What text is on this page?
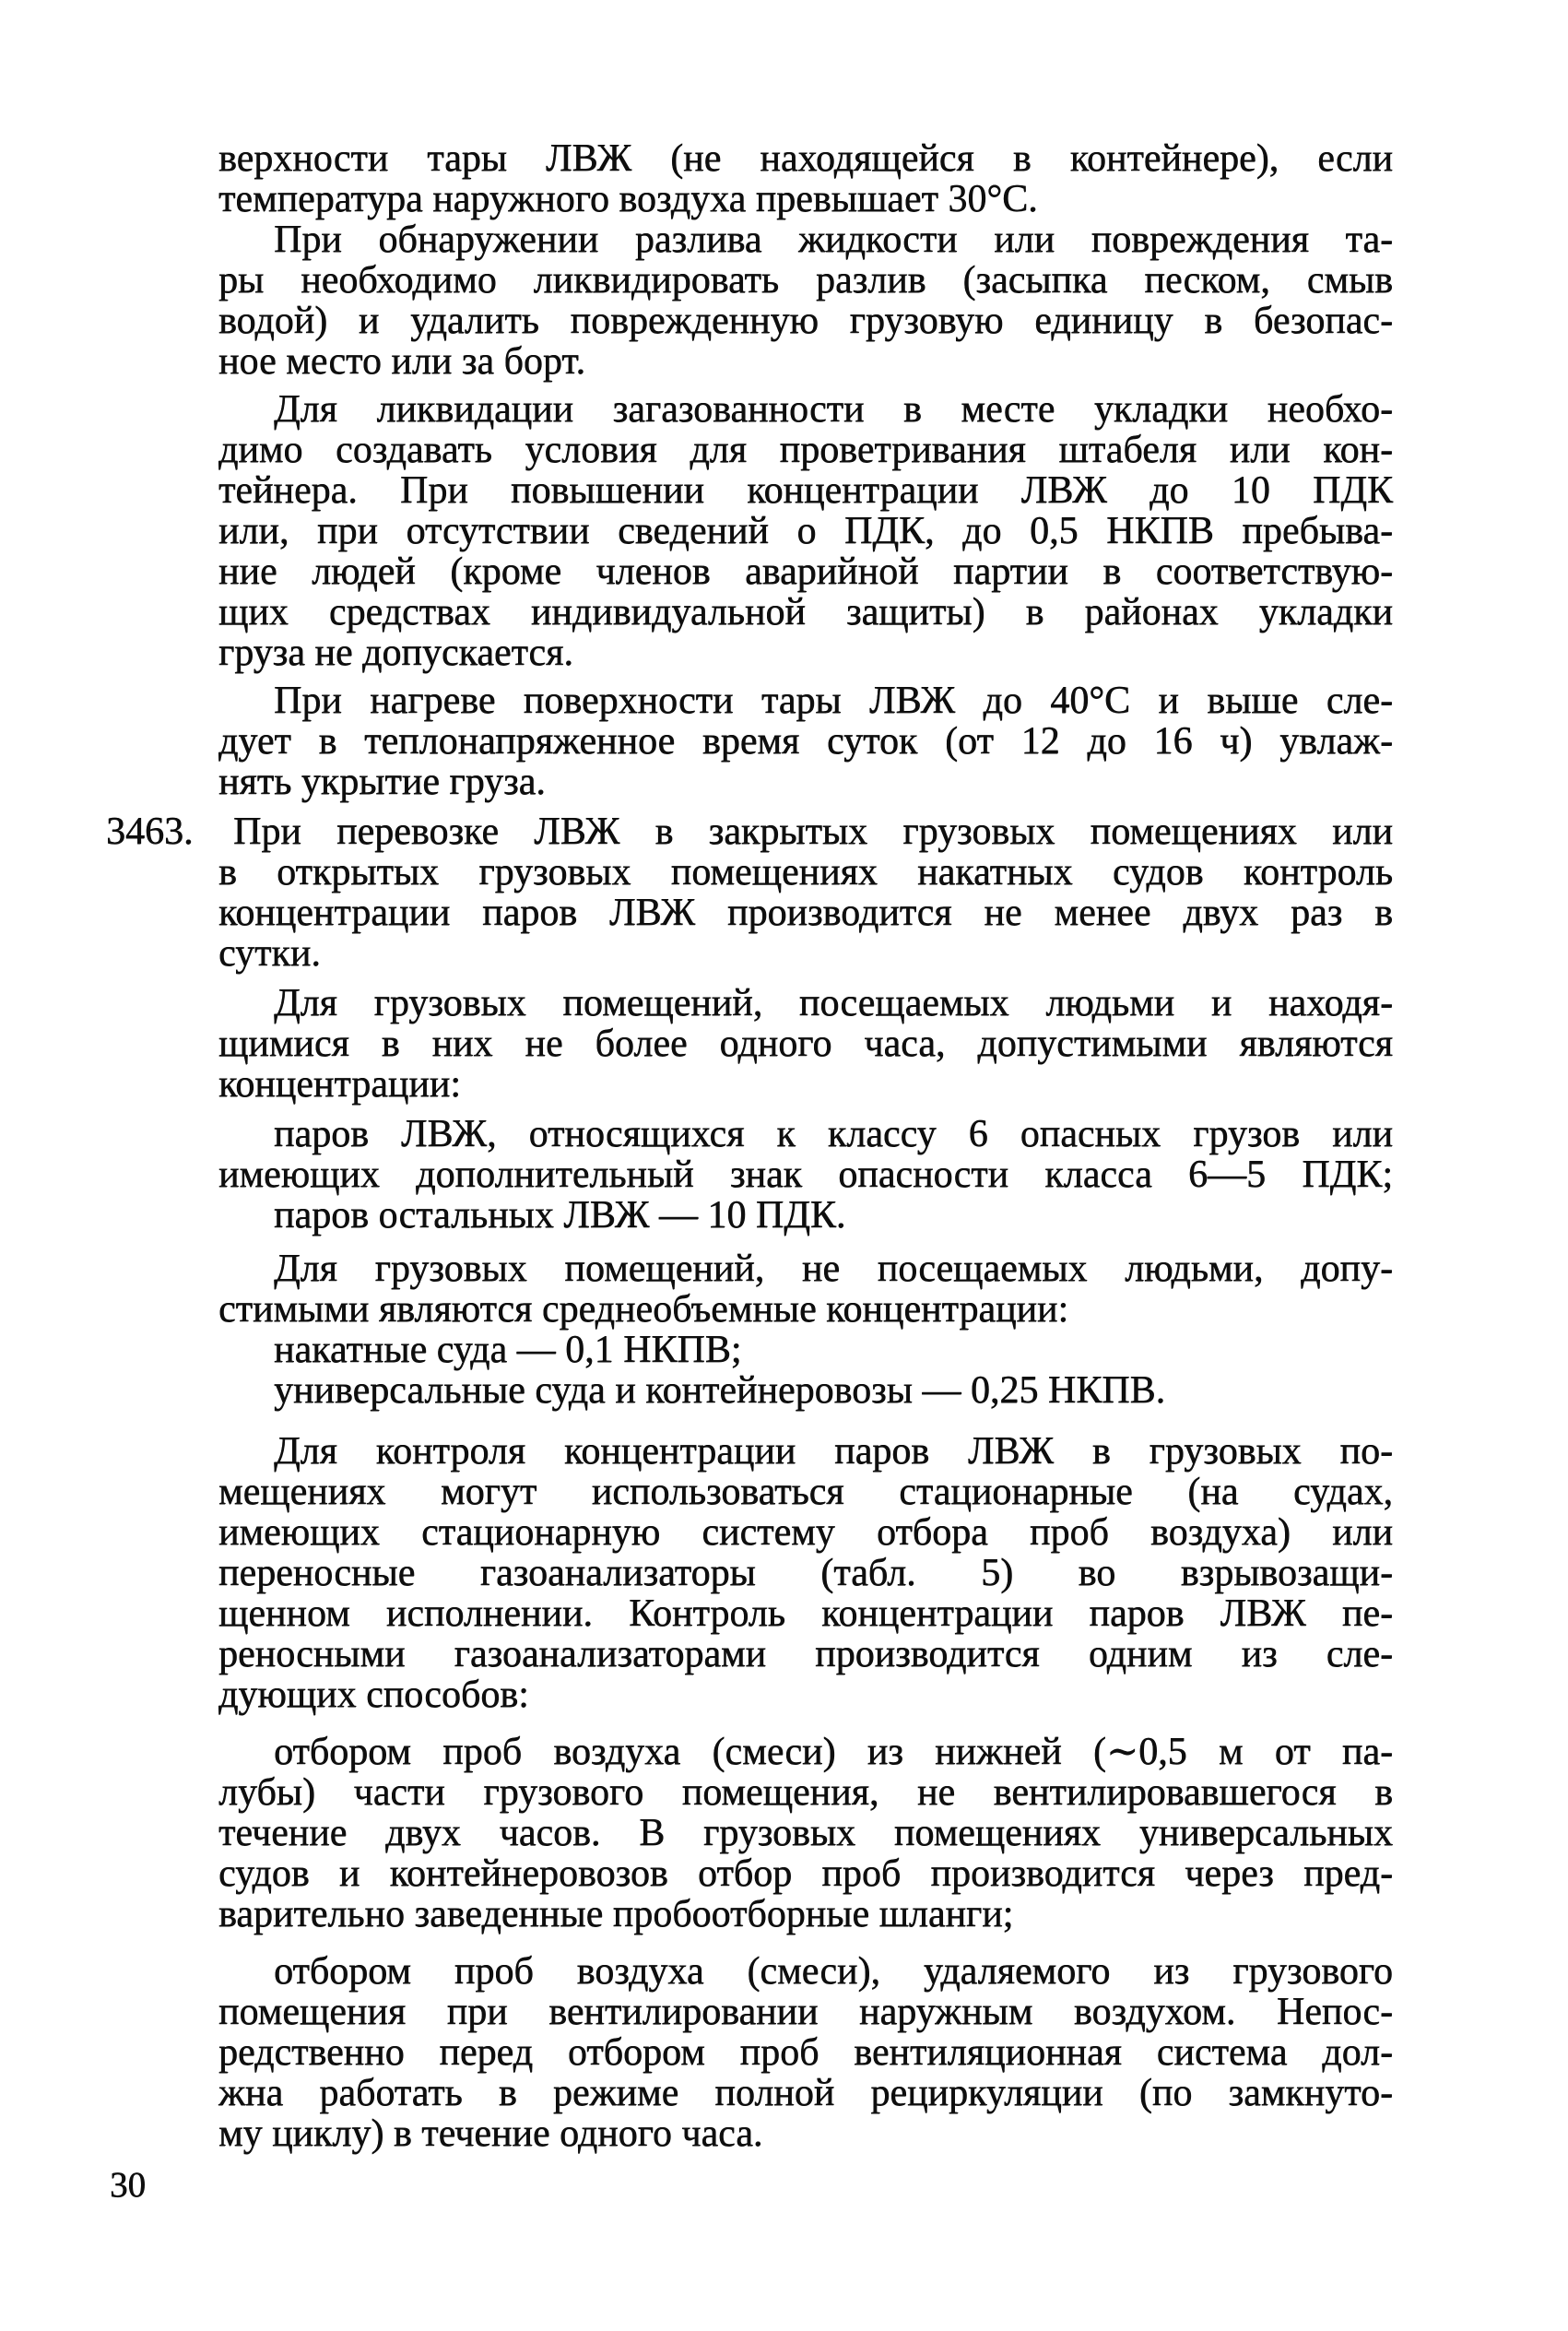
верхности тары ЛВЖ (не находящейся в контейнере), если
температура наружного воздуха превышает 30°С.
При обнаружении разлива жидкости или повреждения та-
ры необходимо ликвидировать разлив (засыпка песком, смыв
водой) и удалить поврежденную грузовую единицу в безопас-
ное место или за борт.
Для ликвидации загазованности в месте укладки необхо-
димо создавать условия для проветривания штабеля или кон-
тейнера. При повышении концентрации ЛВЖ до 10 ПДК
или, при отсутствии сведений о ПДК, до 0,5 НКПВ пребыва-
ние людей (кроме членов аварийной партии в соответствую-
щих средствах индивидуальной защиты) в районах укладки
груза не допускается.
При нагреве поверхности тары ЛВЖ до 40°С и выше сле-
дует в теплонапряженное время суток (от 12 до 16 ч) увлаж-
нять укрытие груза.
3463. При перевозке ЛВЖ в закрытых грузовых помещениях или
в открытых грузовых помещениях накатных судов контроль
концентрации паров ЛВЖ производится не менее двух раз в
сутки.
Для грузовых помещений, посещаемых людьми и находя-
щимися в них не более одного часа, допустимыми являются
концентрации:
паров ЛВЖ, относящихся к классу 6 опасных грузов или
имеющих дополнительный знак опасности класса 6—5 ПДК;
паров остальных ЛВЖ — 10 ПДК.
Для грузовых помещений, не посещаемых людьми, допу-
стимыми являются среднеобъемные концентрации:
накатные суда — 0,1 НКПВ;
универсальные суда и контейнеровозы — 0,25 НКПВ.
Для контроля концентрации паров ЛВЖ в грузовых по-
мещениях могут использоваться стационарные (на судах,
имеющих стационарную систему отбора проб воздуха) или
переносные газоанализаторы (табл. 5) во взрывозащи-
щенном исполнении. Контроль концентрации паров ЛВЖ пе-
реносными газоанализаторами производится одним из сле-
дующих способов:
отбором проб воздуха (смеси) из нижней (∼0,5 м от па-
лубы) части грузового помещения, не вентилировавшегося в
течение двух часов. В грузовых помещениях универсальных
судов и контейнеровозов отбор проб производится через пред-
варительно заведенные пробоотборные шланги;
отбором проб воздуха (смеси), удаляемого из грузового
помещения при вентилировании наружным воздухом. Непос-
редственно перед отбором проб вентиляционная система дол-
жна работать в режиме полной рециркуляции (по замкнуто-
му циклу) в течение одного часа.
30
